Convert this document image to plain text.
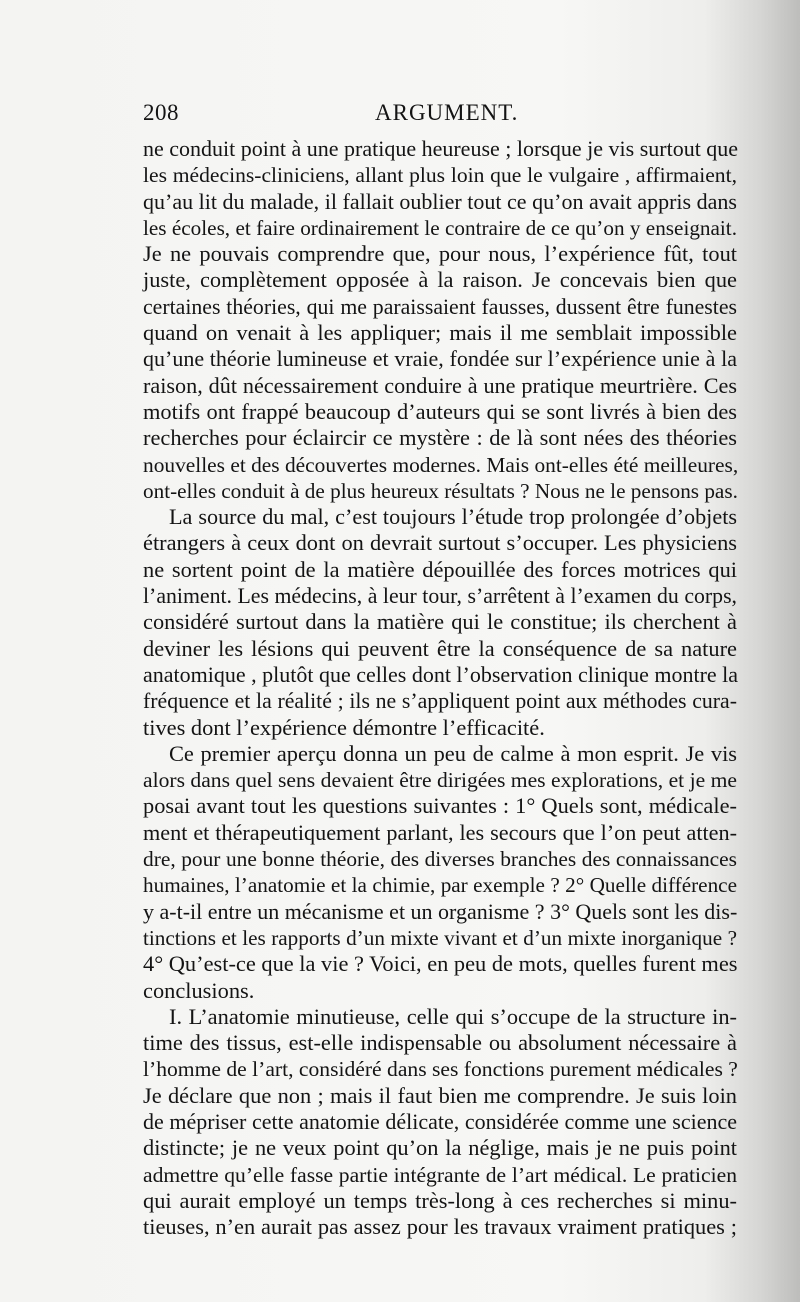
208	ARGUMENT.
ne conduit point à une pratique heureuse ; lorsque je vis surtout que
les médecins-cliniciens, allant plus loin que le vulgaire , affirmaient,
qu’au lit du malade, il fallait oublier tout ce qu’on avait appris dans
les écoles, et faire ordinairement le contraire de ce qu’on y enseignait.
Je ne pouvais comprendre que, pour nous, l’expérience fût, tout
juste, complètement opposée à la raison. Je concevais bien que
certaines théories, qui me paraissaient fausses, dussent être funestes
quand on venait à les appliquer; mais il me semblait impossible
qu’une théorie lumineuse et vraie, fondée sur l’expérience unie à la
raison, dût nécessairement conduire à une pratique meurtrière. Ces
motifs ont frappé beaucoup d’auteurs qui se sont livrés à bien des
recherches pour éclaircir ce mystère : de là sont nées des théories
nouvelles et des découvertes modernes. Mais ont-elles été meilleures,
ont-elles conduit à de plus heureux résultats ? Nous ne le pensons pas.
La source du mal, c’est toujours l’étude trop prolongée d’objets
étrangers à ceux dont on devrait surtout s’occuper. Les physiciens
ne sortent point de la matière dépouillée des forces motrices qui
l’animent. Les médecins, à leur tour, s’arrêtent à l’examen du corps,
considéré surtout dans la matière qui le constitue; ils cherchent à
deviner les lésions qui peuvent être la conséquence de sa nature
anatomique , plutôt que celles dont l’observation clinique montre la
fréquence et la réalité ; ils ne s’appliquent point aux méthodes cura-
tives dont l’expérience démontre l’efficacité.
Ce premier aperçu donna un peu de calme à mon esprit. Je vis
alors dans quel sens devaient être dirigées mes explorations, et je me
posai avant tout les questions suivantes : 1° Quels sont, médicale-
ment et thérapeutiquement parlant, les secours que l’on peut atten-
dre, pour une bonne théorie, des diverses branches des connaissances
humaines, l’anatomie et la chimie, par exemple ? 2° Quelle différence
y a-t-il entre un mécanisme et un organisme ? 3° Quels sont les dis-
tinctions et les rapports d’un mixte vivant et d’un mixte inorganique ?
4° Qu’est-ce que la vie ? Voici, en peu de mots, quelles furent mes
conclusions.
I. L’anatomie minutieuse, celle qui s’occupe de la structure in-
time des tissus, est-elle indispensable ou absolument nécessaire à
l’homme de l’art, considéré dans ses fonctions purement médicales ?
Je déclare que non ; mais il faut bien me comprendre. Je suis loin
de mépriser cette anatomie délicate, considérée comme une science
distincte; je ne veux point qu’on la néglige, mais je ne puis point
admettre qu’elle fasse partie intégrante de l’art médical. Le praticien
qui aurait employé un temps très-long à ces recherches si minu-
tieuses, n’en aurait pas assez pour les travaux vraiment pratiques ;
